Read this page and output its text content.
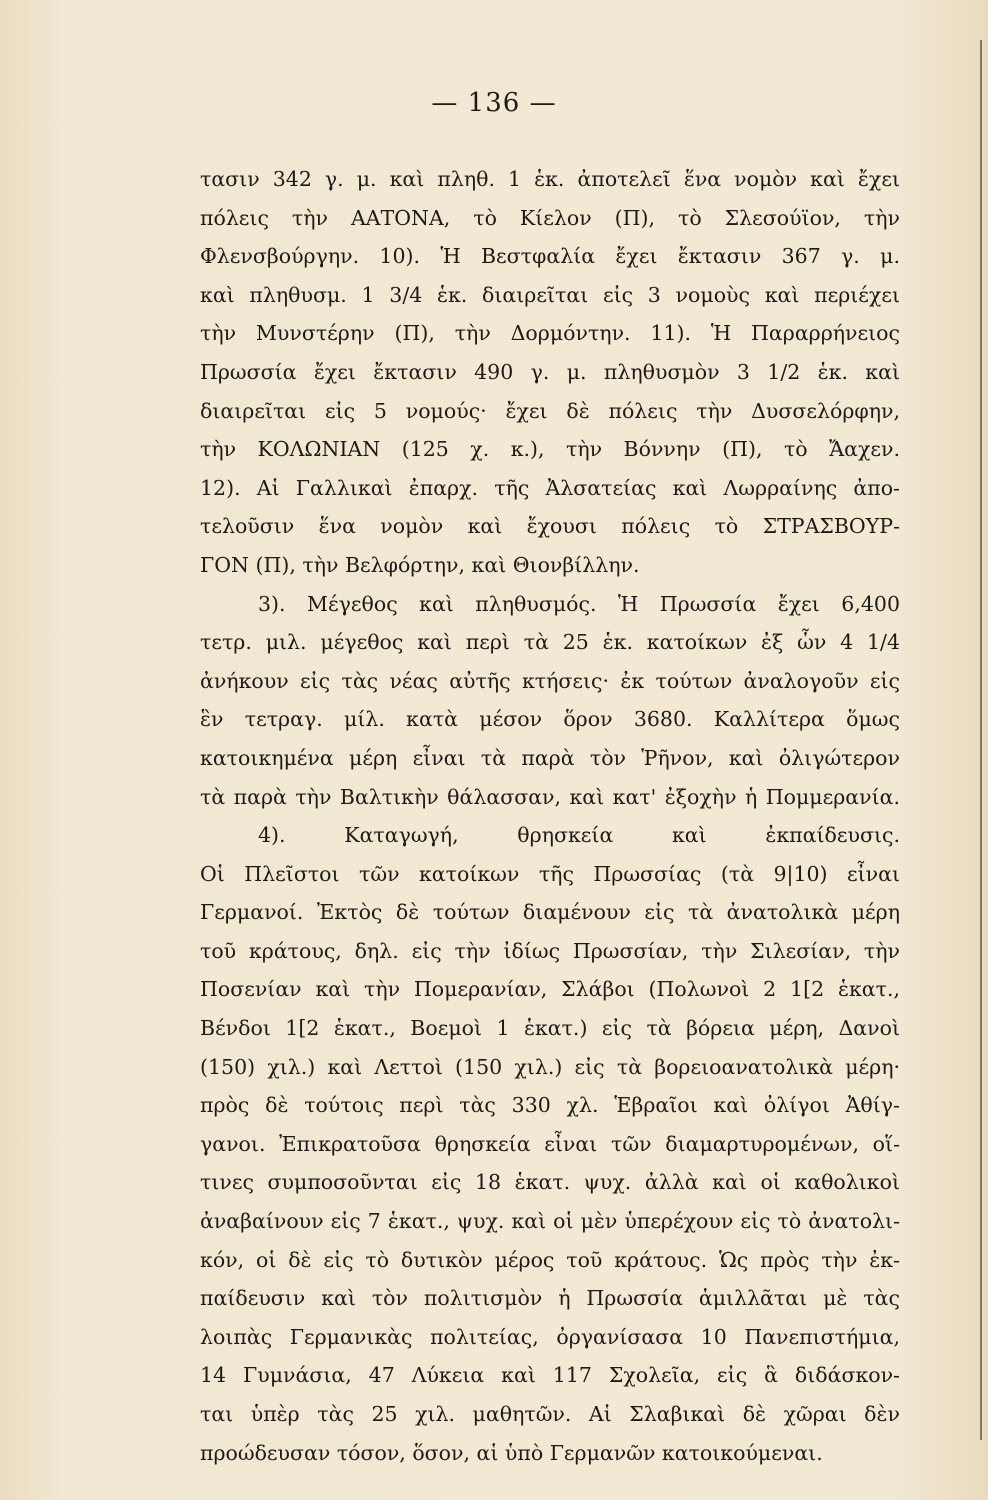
— 136 —
τασιν 342 γ. μ. καὶ πληθ. 1 ἑκ. ἀποτελεῖ ἕνα νομὸν καὶ ἔχει
πόλεις τὴν ΑΑΤΟΝΑ, τὸ Κίελον (Π), τὸ Σλεσούϊον, τὴν
Φλενσβούργην. 10). Ἡ Βεστφαλία ἔχει ἔκτασιν 367 γ. μ.
καὶ πληθυσμ. 1 3/4 ἑκ. διαιρεῖται εἰς 3 νομοὺς καὶ περιέχει
τὴν Μυνστέρην (Π), τὴν Δορμόντην. 11). Ἡ Παραρρήνειος
Πρωσσία ἔχει ἔκτασιν 490 γ. μ. πληθυσμὸν 3 1/2 ἑκ. καὶ
διαιρεῖται εἰς 5 νομούς· ἔχει δὲ πόλεις τὴν Δυσσελόρφην,
τὴν ΚΟΛΩΝΙΑΝ (125 χ. κ.), τὴν Βόννην (Π), τὸ Ἄαχεν.
12). Αἱ Γαλλικαὶ ἐπαρχ. τῆς Ἀλσατείας καὶ Λωρραίνης ἀπο-
τελοῦσιν ἕνα νομὸν καὶ ἔχουσι πόλεις τὸ ΣΤΡΑΣΒΟΥΡ-
ΓΟΝ (Π), τὴν Βελφόρτην, καὶ Θιονβίλλην.
3). Μέγεθος καὶ πληθυσμός. Ἡ Πρωσσία ἔχει 6,400
τετρ. μιλ. μέγεθος καὶ περὶ τὰ 25 ἑκ. κατοίκων ἐξ ὧν 4 1/4
ἀνήκουν εἰς τὰς νέας αὐτῆς κτήσεις· ἐκ τούτων ἀναλογοῦν εἰς
ἓν τετραγ. μίλ. κατὰ μέσον ὅρον 3680. Καλλίτερα ὅμως
κατοικημένα μέρη εἶναι τὰ παρὰ τὸν Ῥῆνον, καὶ ὀλιγώτερον
τὰ παρὰ τὴν Βαλτικὴν θάλασσαν, καὶ κατ' ἐξοχὴν ἡ Πομμερανία.
4). Καταγωγή, θρησκεία καὶ ἐκπαίδευσις.
Οἱ Πλεῖστοι τῶν κατοίκων τῆς Πρωσσίας (τὰ 9|10) εἶναι
Γερμανοί. Ἐκτὸς δὲ τούτων διαμένουν εἰς τὰ ἀνατολικὰ μέρη
τοῦ κράτους, δηλ. εἰς τὴν ἰδίως Πρωσσίαν, τὴν Σιλεσίαν, τὴν
Ποσενίαν καὶ τὴν Πομερανίαν, Σλάβοι (Πολωνοὶ 2 1[2 ἑκατ.,
Βένδοι 1[2 ἑκατ., Βοεμοὶ 1 ἑκατ.) εἰς τὰ βόρεια μέρη, Δανοὶ
(150) χιλ.) καὶ Λεττοὶ (150 χιλ.) εἰς τὰ βορειοανατολικὰ μέρη·
πρὸς δὲ τούτοις περὶ τὰς 330 χλ. Ἑβραῖοι καὶ ὀλίγοι Ἀθίγ-
γανοι. Ἐπικρατοῦσα θρησκεία εἶναι τῶν διαμαρτυρομένων, οἵ-
τινες συμποσοῦνται εἰς 18 ἑκατ. ψυχ. ἀλλὰ καὶ οἱ καθολικοὶ
ἀναβαίνουν εἰς 7 ἑκατ., ψυχ. καὶ οἱ μὲν ὑπερέχουν εἰς τὸ ἀνατολι-
κόν, οἱ δὲ εἰς τὸ δυτικὸν μέρος τοῦ κράτους. Ὡς πρὸς τὴν ἐκ-
παίδευσιν καὶ τὸν πολιτισμὸν ἡ Πρωσσία ἁμιλλᾶται μὲ τὰς
λοιπὰς Γερμανικὰς πολιτείας, ὀργανίσασα 10 Πανεπιστήμια,
14 Γυμνάσια, 47 Λύκεια καὶ 117 Σχολεῖα, εἰς ἃ διδάσκον-
ται ὑπὲρ τὰς 25 χιλ. μαθητῶν. Αἱ Σλαβικαὶ δὲ χῶραι δὲν
προώδευσαν τόσον, ὅσον, αἱ ὑπὸ Γερμανῶν κατοικούμεναι.
